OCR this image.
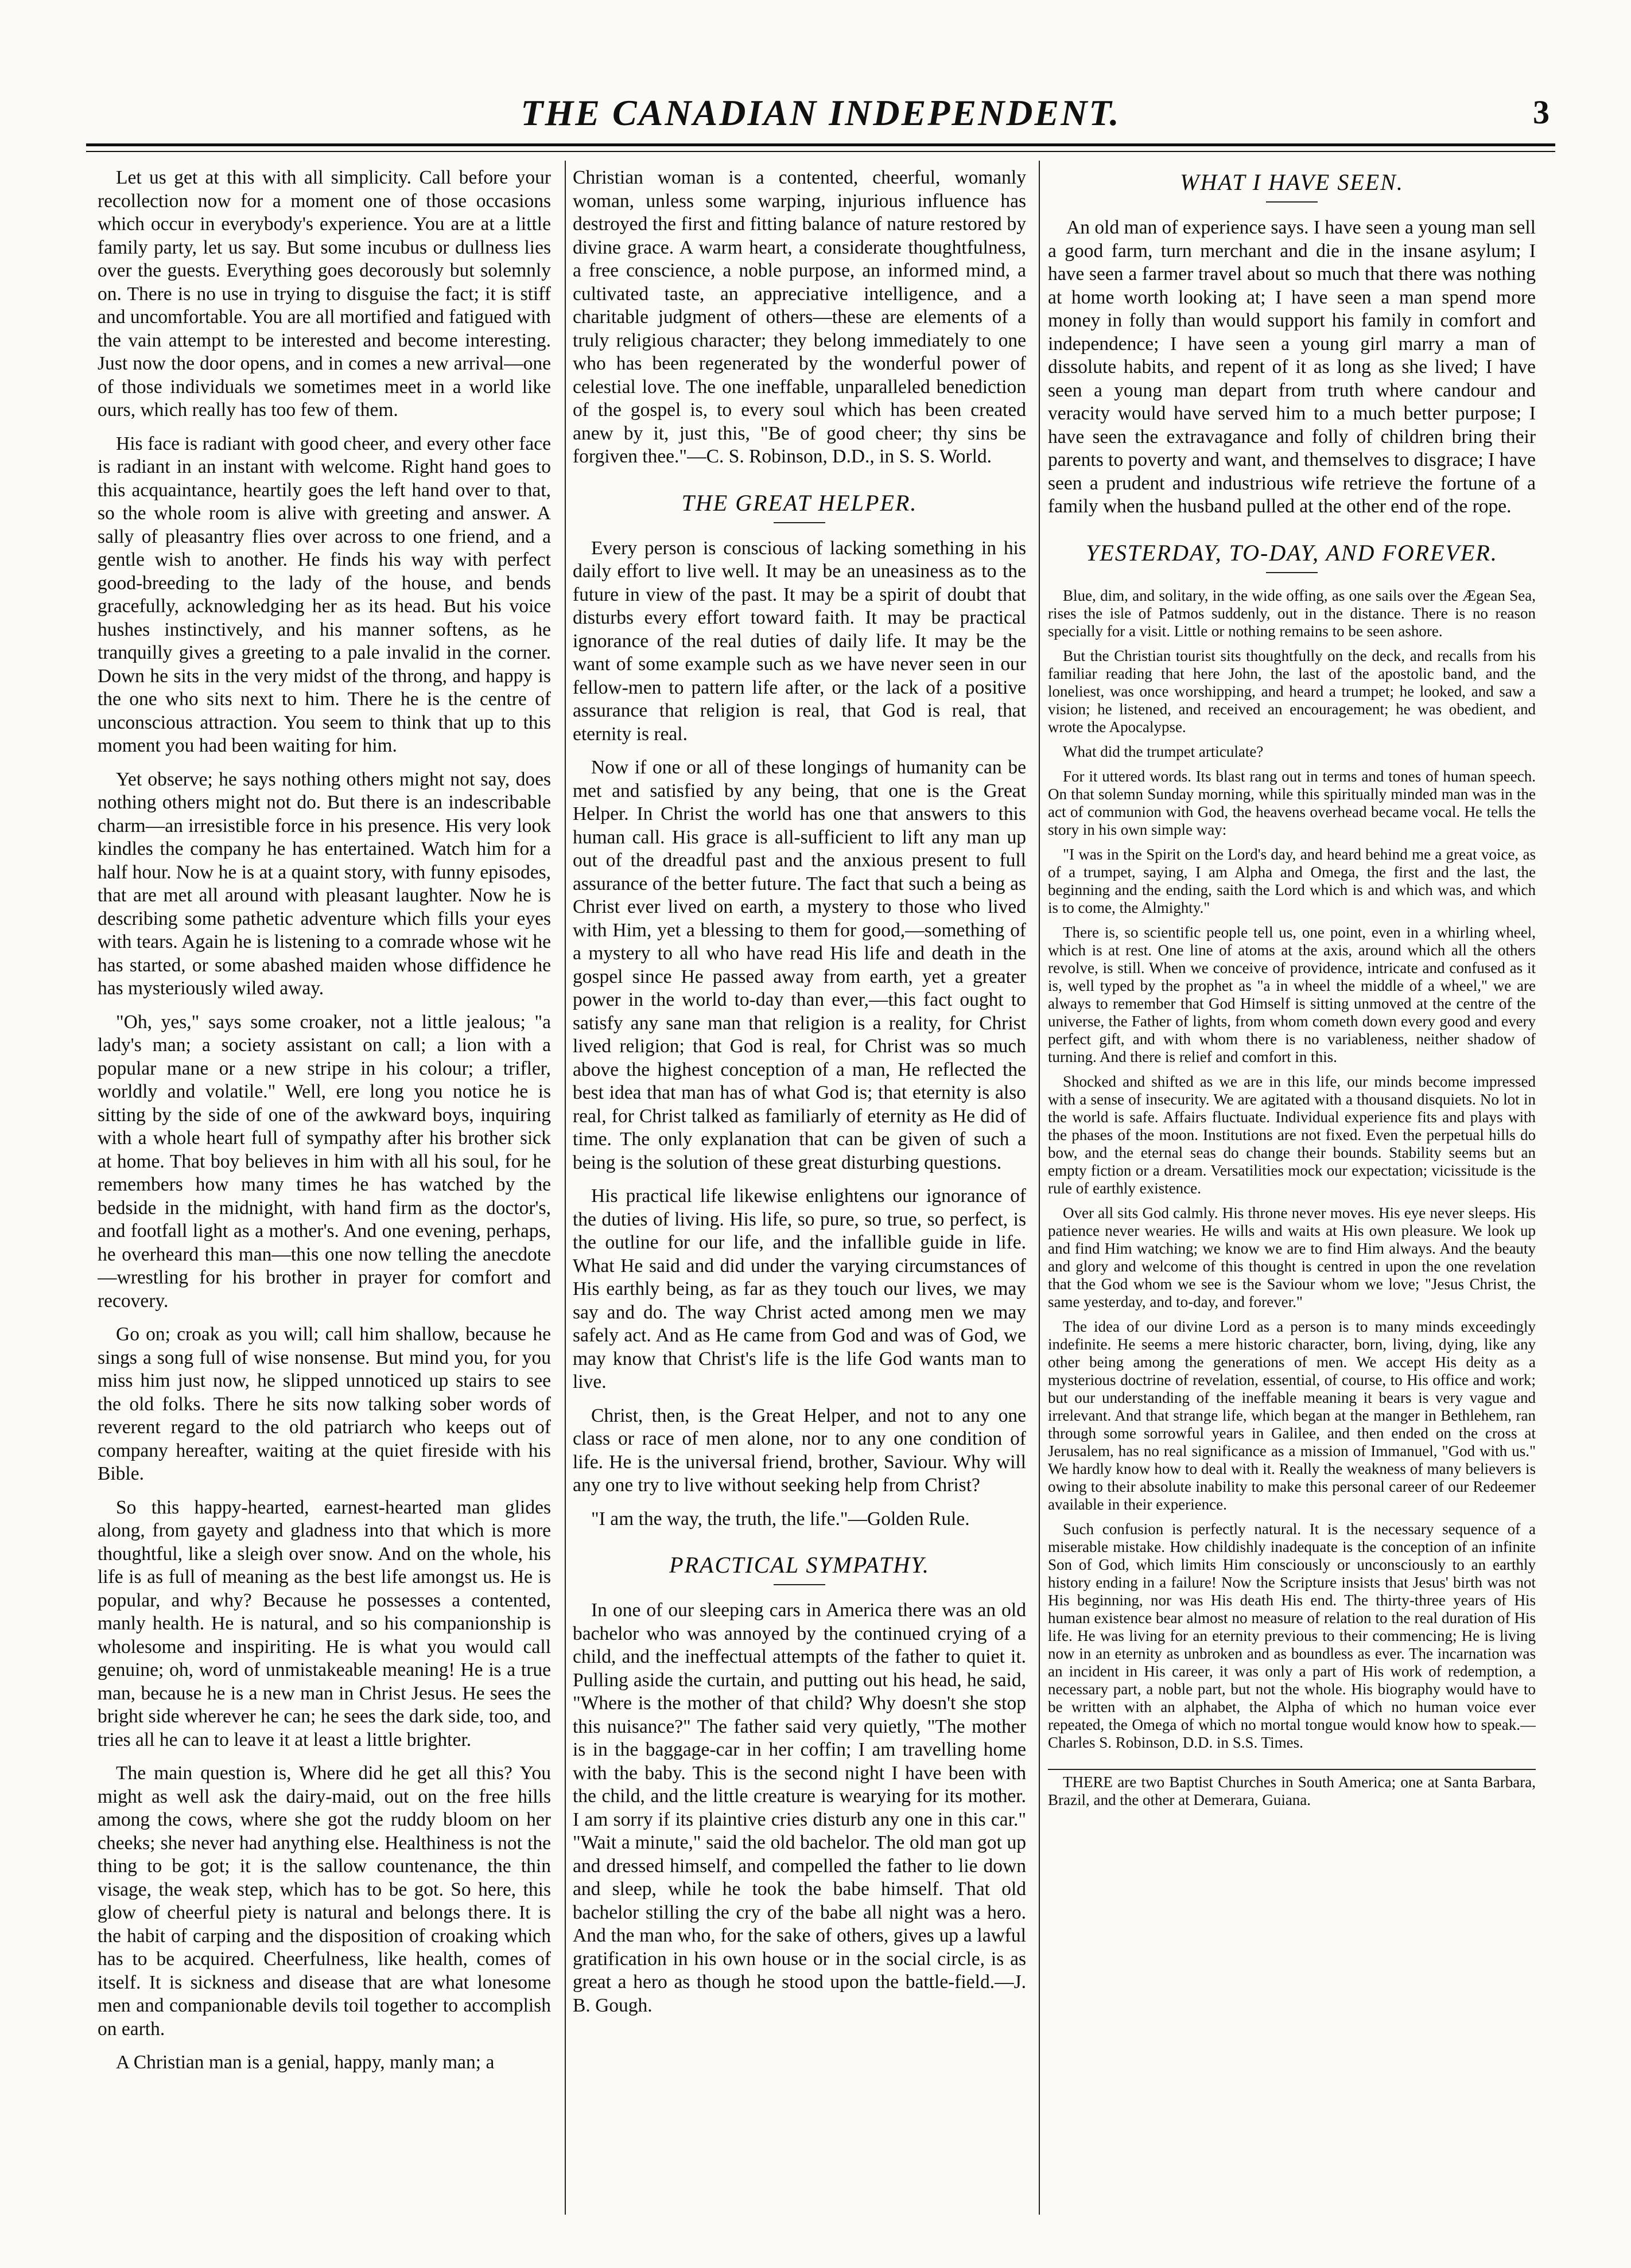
THE CANADIAN INDEPENDENT.	3

Let us get at this with all simplicity. Call before your recollection now for a moment one of those occasions which occur in everybody's experience. You are at a little family party, let us say. But some incubus or dullness lies over the guests. Everything goes decorously but solemnly on. There is no use in trying to disguise the fact; it is stiff and uncomfortable. You are all mortified and fatigued with the vain attempt to be interested and become interesting. Just now the door opens, and in comes a new arrival—one of those individuals we sometimes meet in a world like ours, which really has too few of them.

His face is radiant with good cheer, and every other face is radiant in an instant with welcome. Right hand goes to this acquaintance, heartily goes the left hand over to that, so the whole room is alive with greeting and answer. A sally of pleasantry flies over across to one friend, and a gentle wish to another. He finds his way with perfect good-breeding to the lady of the house, and bends gracefully, acknowledging her as its head. But his voice hushes instinctively, and his manner softens, as he tranquilly gives a greeting to a pale invalid in the corner. Down he sits in the very midst of the throng, and happy is the one who sits next to him. There he is the centre of unconscious attraction. You seem to think that up to this moment you had been waiting for him.

Yet observe; he says nothing others might not say, does nothing others might not do. But there is an indescribable charm—an irresistible force in his presence. His very look kindles the company he has entertained. Watch him for a half hour. Now he is at a quaint story, with funny episodes, that are met all around with pleasant laughter. Now he is describing some pathetic adventure which fills your eyes with tears. Again he is listening to a comrade whose wit he has started, or some abashed maiden whose diffidence he has mysteriously wiled away.

"Oh, yes," says some croaker, not a little jealous; "a lady's man; a society assistant on call; a lion with a popular mane or a new stripe in his colour; a trifler, worldly and volatile." Well, ere long you notice he is sitting by the side of one of the awkward boys, inquiring with a whole heart full of sympathy after his brother sick at home. That boy believes in him with all his soul, for he remembers how many times he has watched by the bedside in the midnight, with hand firm as the doctor's, and footfall light as a mother's. And one evening, perhaps, he overheard this man—this one now telling the anecdote—wrestling for his brother in prayer for comfort and recovery.

Go on; croak as you will; call him shallow, because he sings a song full of wise nonsense. But mind you, for you miss him just now, he slipped unnoticed up stairs to see the old folks. There he sits now talking sober words of reverent regard to the old patriarch who keeps out of company hereafter, waiting at the quiet fireside with his Bible.

So this happy-hearted, earnest-hearted man glides along, from gayety and gladness into that which is more thoughtful, like a sleigh over snow. And on the whole, his life is as full of meaning as the best life amongst us. He is popular, and why? Because he possesses a contented, manly health. He is natural, and so his companionship is wholesome and inspiriting. He is what you would call genuine; oh, word of unmistakeable meaning! He is a true man, because he is a new man in Christ Jesus. He sees the bright side wherever he can; he sees the dark side, too, and tries all he can to leave it at least a little brighter.

The main question is, Where did he get all this? You might as well ask the dairy-maid, out on the free hills among the cows, where she got the ruddy bloom on her cheeks; she never had anything else. Healthiness is not the thing to be got; it is the sallow countenance, the thin visage, the weak step, which has to be got. So here, this glow of cheerful piety is natural and belongs there. It is the habit of carping and the disposition of croaking which has to be acquired. Cheerfulness, like health, comes of itself. It is sickness and disease that are what lonesome men and companionable devils toil together to accomplish on earth.

A Christian man is a genial, happy, manly man; a

Christian woman is a contented, cheerful, womanly woman, unless some warping, injurious influence has destroyed the first and fitting balance of nature restored by divine grace. A warm heart, a considerate thoughtfulness, a free conscience, a noble purpose, an informed mind, a cultivated taste, an appreciative intelligence, and a charitable judgment of others—these are elements of a truly religious character; they belong immediately to one who has been regenerated by the wonderful power of celestial love. The one ineffable, unparalleled benediction of the gospel is, to every soul which has been created anew by it, just this, "Be of good cheer; thy sins be forgiven thee."—C. S. Robinson, D.D., in S. S. World.

THE GREAT HELPER.

Every person is conscious of lacking something in his daily effort to live well. It may be an uneasiness as to the future in view of the past. It may be a spirit of doubt that disturbs every effort toward faith. It may be practical ignorance of the real duties of daily life. It may be the want of some example such as we have never seen in our fellow-men to pattern life after, or the lack of a positive assurance that religion is real, that God is real, that eternity is real.

Now if one or all of these longings of humanity can be met and satisfied by any being, that one is the Great Helper. In Christ the world has one that answers to this human call. His grace is all-sufficient to lift any man up out of the dreadful past and the anxious present to full assurance of the better future. The fact that such a being as Christ ever lived on earth, a mystery to those who lived with Him, yet a blessing to them for good,—something of a mystery to all who have read His life and death in the gospel since He passed away from earth, yet a greater power in the world to-day than ever,—this fact ought to satisfy any sane man that religion is a reality, for Christ lived religion; that God is real, for Christ was so much above the highest conception of a man, He reflected the best idea that man has of what God is; that eternity is also real, for Christ talked as familiarly of eternity as He did of time. The only explanation that can be given of such a being is the solution of these great disturbing questions.

His practical life likewise enlightens our ignorance of the duties of living. His life, so pure, so true, so perfect, is the outline for our life, and the infallible guide in life. What He said and did under the varying circumstances of His earthly being, as far as they touch our lives, we may say and do. The way Christ acted among men we may safely act. And as He came from God and was of God, we may know that Christ's life is the life God wants man to live.

Christ, then, is the Great Helper, and not to any one class or race of men alone, nor to any one condition of life. He is the universal friend, brother, Saviour. Why will any one try to live without seeking help from Christ?

"I am the way, the truth, the life."—Golden Rule.

PRACTICAL SYMPATHY.

In one of our sleeping cars in America there was an old bachelor who was annoyed by the continued crying of a child, and the ineffectual attempts of the father to quiet it. Pulling aside the curtain, and putting out his head, he said, "Where is the mother of that child? Why doesn't she stop this nuisance?" The father said very quietly, "The mother is in the baggage-car in her coffin; I am travelling home with the baby. This is the second night I have been with the child, and the little creature is wearying for its mother. I am sorry if its plaintive cries disturb any one in this car." "Wait a minute," said the old bachelor. The old man got up and dressed himself, and compelled the father to lie down and sleep, while he took the babe himself. That old bachelor stilling the cry of the babe all night was a hero. And the man who, for the sake of others, gives up a lawful gratification in his own house or in the social circle, is as great a hero as though he stood upon the battle-field.—J. B. Gough.

WHAT I HAVE SEEN.

An old man of experience says. I have seen a young man sell a good farm, turn merchant and die in the insane asylum; I have seen a farmer travel about so much that there was nothing at home worth looking at; I have seen a man spend more money in folly than would support his family in comfort and independence; I have seen a young girl marry a man of dissolute habits, and repent of it as long as she lived; I have seen a young man depart from truth where candour and veracity would have served him to a much better purpose; I have seen the extravagance and folly of children bring their parents to poverty and want, and themselves to disgrace; I have seen a prudent and industrious wife retrieve the fortune of a family when the husband pulled at the other end of the rope.

YESTERDAY, TO-DAY, AND FOREVER.

Blue, dim, and solitary, in the wide offing, as one sails over the Ægean Sea, rises the isle of Patmos suddenly, out in the distance. There is no reason specially for a visit. Little or nothing remains to be seen ashore.

But the Christian tourist sits thoughtfully on the deck, and recalls from his familiar reading that here John, the last of the apostolic band, and the loneliest, was once worshipping, and heard a trumpet; he looked, and saw a vision; he listened, and received an encouragement; he was obedient, and wrote the Apocalypse.

What did the trumpet articulate?

For it uttered words. Its blast rang out in terms and tones of human speech. On that solemn Sunday morning, while this spiritually minded man was in the act of communion with God, the heavens overhead became vocal. He tells the story in his own simple way:

"I was in the Spirit on the Lord's day, and heard behind me a great voice, as of a trumpet, saying, I am Alpha and Omega, the first and the last, the beginning and the ending, saith the Lord which is and which was, and which is to come, the Almighty."

There is, so scientific people tell us, one point, even in a whirling wheel, which is at rest. One line of atoms at the axis, around which all the others revolve, is still. When we conceive of providence, intricate and confused as it is, well typed by the prophet as "a in wheel the middle of a wheel," we are always to remember that God Himself is sitting unmoved at the centre of the universe, the Father of lights, from whom cometh down every good and every perfect gift, and with whom there is no variableness, neither shadow of turning. And there is relief and comfort in this.

Shocked and shifted as we are in this life, our minds become impressed with a sense of insecurity. We are agitated with a thousand disquiets. No lot in the world is safe. Affairs fluctuate. Individual experience fits and plays with the phases of the moon. Institutions are not fixed. Even the perpetual hills do bow, and the eternal seas do change their bounds. Stability seems but an empty fiction or a dream. Versatilities mock our expectation; vicissitude is the rule of earthly existence.

Over all sits God calmly. His throne never moves. His eye never sleeps. His patience never wearies. He wills and waits at His own pleasure. We look up and find Him watching; we know we are to find Him always. And the beauty and glory and welcome of this thought is centred in upon the one revelation that the God whom we see is the Saviour whom we love; "Jesus Christ, the same yesterday, and to-day, and forever."

The idea of our divine Lord as a person is to many minds exceedingly indefinite. He seems a mere historic character, born, living, dying, like any other being among the generations of men. We accept His deity as a mysterious doctrine of revelation, essential, of course, to His office and work; but our understanding of the ineffable meaning it bears is very vague and irrelevant. And that strange life, which began at the manger in Bethlehem, ran through some sorrowful years in Galilee, and then ended on the cross at Jerusalem, has no real significance as a mission of Immanuel, "God with us." We hardly know how to deal with it. Really the weakness of many believers is owing to their absolute inability to make this personal career of our Redeemer available in their experience.

Such confusion is perfectly natural. It is the necessary sequence of a miserable mistake. How childishly inadequate is the conception of an infinite Son of God, which limits Him consciously or unconsciously to an earthly history ending in a failure! Now the Scripture insists that Jesus' birth was not His beginning, nor was His death His end. The thirty-three years of His human existence bear almost no measure of relation to the real duration of His life. He was living for an eternity previous to their commencing; He is living now in an eternity as unbroken and as boundless as ever. The incarnation was an incident in His career, it was only a part of His work of redemption, a necessary part, a noble part, but not the whole. His biography would have to be written with an alphabet, the Alpha of which no human voice ever repeated, the Omega of which no mortal tongue would know how to speak.—Charles S. Robinson, D.D. in S.S. Times.

THERE are two Baptist Churches in South America; one at Santa Barbara, Brazil, and the other at Demerara, Guiana.
